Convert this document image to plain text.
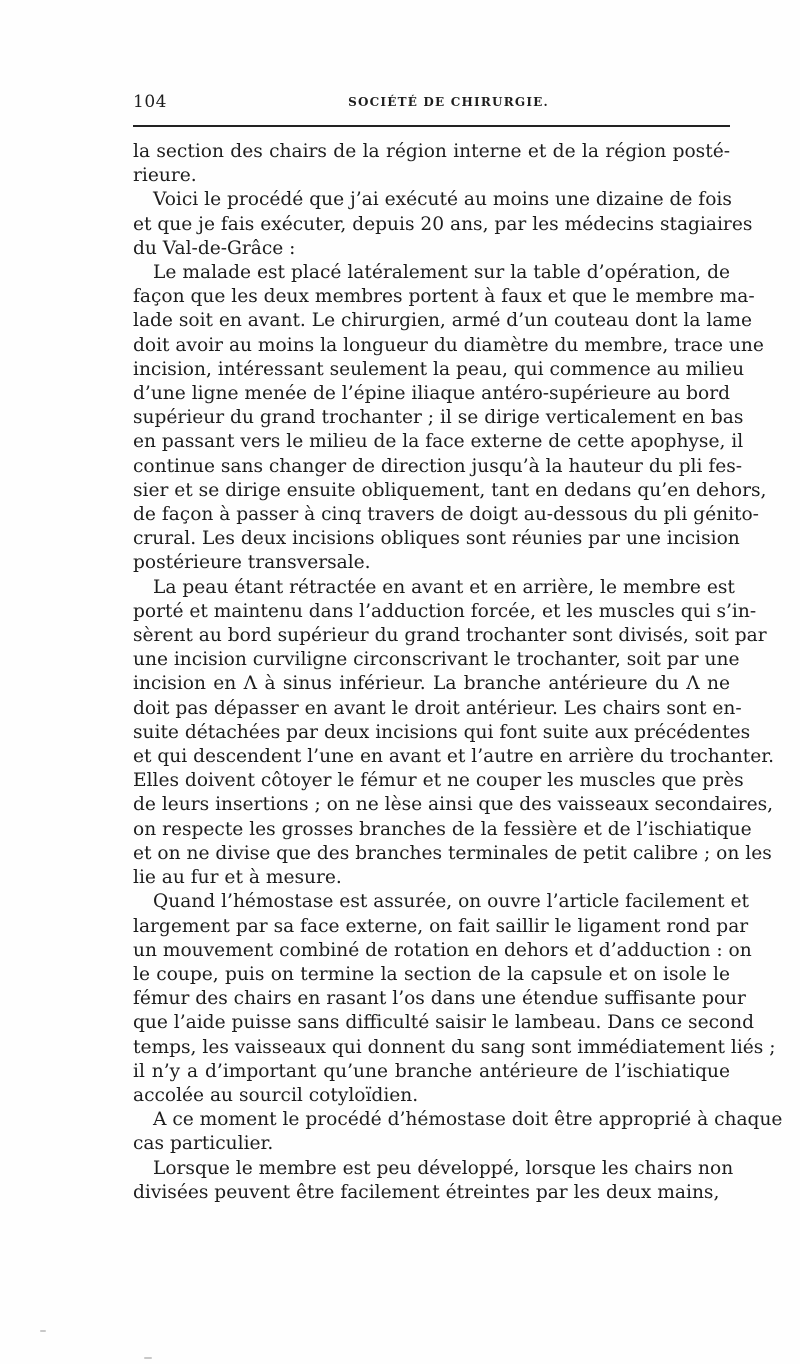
104	SOCIÉTÉ DE CHIRURGIE.

la section des chairs de la région interne et de la région posté-
rieure.

Voici le procédé que j’ai exécuté au moins une dizaine de fois
et que je fais exécuter, depuis 20 ans, par les médecins stagiaires
du Val-de-Grâce :

Le malade est placé latéralement sur la table d’opération, de
façon que les deux membres portent à faux et que le membre ma-
lade soit en avant. Le chirurgien, armé d’un couteau dont la lame
doit avoir au moins la longueur du diamètre du membre, trace une
incision, intéressant seulement la peau, qui commence au milieu
d’une ligne menée de l’épine iliaque antéro-supérieure au bord
supérieur du grand trochanter ; il se dirige verticalement en bas
en passant vers le milieu de la face externe de cette apophyse, il
continue sans changer de direction jusqu’à la hauteur du pli fes-
sier et se dirige ensuite obliquement, tant en dedans qu’en dehors,
de façon à passer à cinq travers de doigt au-dessous du pli génito-
crural. Les deux incisions obliques sont réunies par une incision
postérieure transversale.

La peau étant rétractée en avant et en arrière, le membre est
porté et maintenu dans l’adduction forcée, et les muscles qui s’in-
sèrent au bord supérieur du grand trochanter sont divisés, soit par
une incision curviligne circonscrivant le trochanter, soit par une
incision en Λ à sinus inférieur. La branche antérieure du Λ ne
doit pas dépasser en avant le droit antérieur. Les chairs sont en-
suite détachées par deux incisions qui font suite aux précédentes
et qui descendent l’une en avant et l’autre en arrière du trochanter.
Elles doivent côtoyer le fémur et ne couper les muscles que près
de leurs insertions ; on ne lèse ainsi que des vaisseaux secondaires,
on respecte les grosses branches de la fessière et de l’ischiatique
et on ne divise que des branches terminales de petit calibre ; on les
lie au fur et à mesure.

Quand l’hémostase est assurée, on ouvre l’article facilement et
largement par sa face externe, on fait saillir le ligament rond par
un mouvement combiné de rotation en dehors et d’adduction : on
le coupe, puis on termine la section de la capsule et on isole le
fémur des chairs en rasant l’os dans une étendue suffisante pour
que l’aide puisse sans difficulté saisir le lambeau. Dans ce second
temps, les vaisseaux qui donnent du sang sont immédiatement liés ;
il n’y a d’important qu’une branche antérieure de l’ischiatique
accolée au sourcil cotyloïdien.

A ce moment le procédé d’hémostase doit être approprié à chaque
cas particulier.

Lorsque le membre est peu développé, lorsque les chairs non
divisées peuvent être facilement étreintes par les deux mains,
